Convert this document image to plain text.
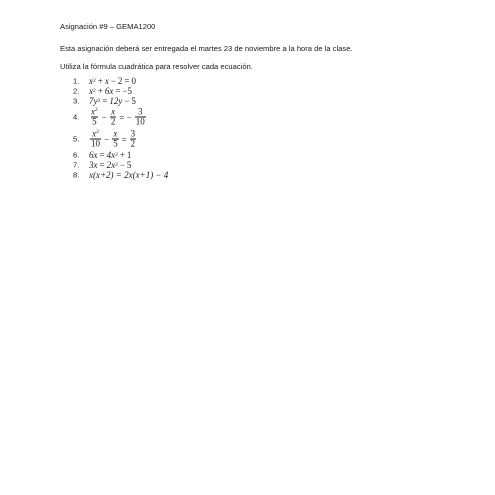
Asignación #9 – GEMA1200
Esta asignación deberá ser entregada el martes 23 de noviembre a la hora de la clase.
Utiliza la fórmula cuadrática para resolver cada ecuación.
1.	x 2 + x − 2 = 0
2.	x 2 + 6x = −5
3.	7y 2 = 12y − 5
4.
$x^2$
$5 - \frac{x}{2}$ = − $\frac{3}{10}$
5.
$x^2$
$10 - \frac{x}{5} = \frac{3}{2}$
6.	6x = 4x 2 + 1
7.	3x = 2x 2 − 5
8.	x(x+2) = 2x(x+1) − 4
